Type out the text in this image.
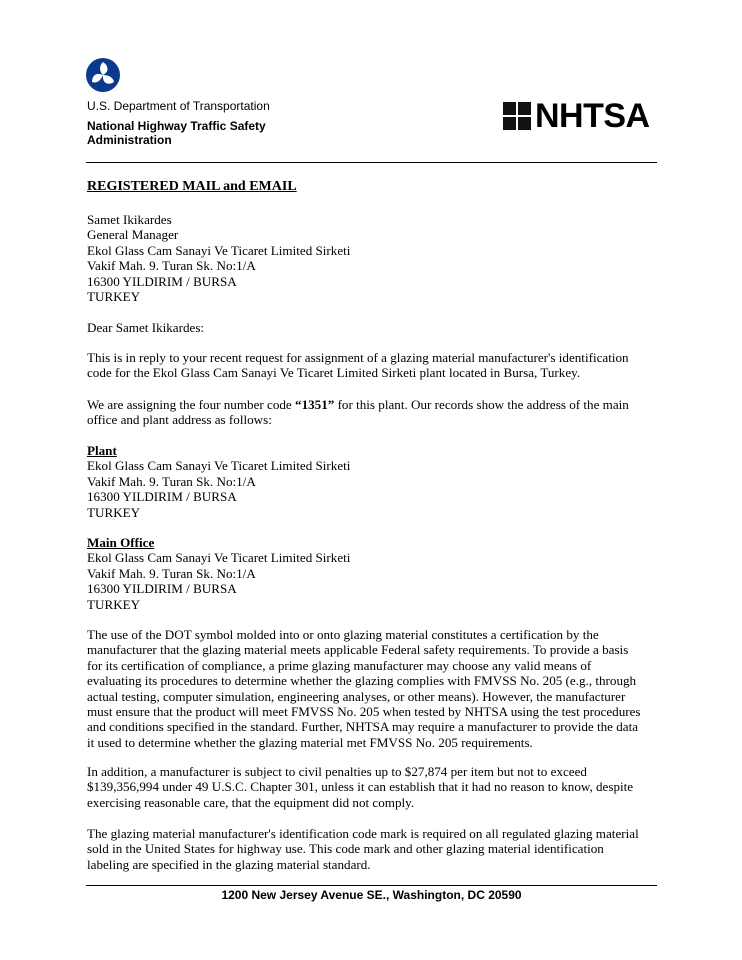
U.S. Department of Transportation
National Highway Traffic Safety
Administration
NHTSA
REGISTERED MAIL and EMAIL
Samet Ikikardes
General Manager
Ekol Glass Cam Sanayi Ve Ticaret Limited Sirketi
Vakif Mah. 9. Turan Sk. No:1/A
16300 YILDIRIM / BURSA
TURKEY
Dear Samet Ikikardes:
This is in reply to your recent request for assignment of a glazing material manufacturer's identification
code for the Ekol Glass Cam Sanayi Ve Ticaret Limited Sirketi plant located in Bursa, Turkey.
We are assigning the four number code “1351” for this plant. Our records show the address of the main
office and plant address as follows:
Plant
Ekol Glass Cam Sanayi Ve Ticaret Limited Sirketi
Vakif Mah. 9. Turan Sk. No:1/A
16300 YILDIRIM / BURSA
TURKEY
Main Office
Ekol Glass Cam Sanayi Ve Ticaret Limited Sirketi
Vakif Mah. 9. Turan Sk. No:1/A
16300 YILDIRIM / BURSA
TURKEY
The use of the DOT symbol molded into or onto glazing material constitutes a certification by the
manufacturer that the glazing material meets applicable Federal safety requirements. To provide a basis
for its certification of compliance, a prime glazing manufacturer may choose any valid means of
evaluating its procedures to determine whether the glazing complies with FMVSS No. 205 (e.g., through
actual testing, computer simulation, engineering analyses, or other means). However, the manufacturer
must ensure that the product will meet FMVSS No. 205 when tested by NHTSA using the test procedures
and conditions specified in the standard. Further, NHTSA may require a manufacturer to provide the data
it used to determine whether the glazing material met FMVSS No. 205 requirements.
In addition, a manufacturer is subject to civil penalties up to $27,874 per item but not to exceed
$139,356,994 under 49 U.S.C. Chapter 301, unless it can establish that it had no reason to know, despite
exercising reasonable care, that the equipment did not comply.
The glazing material manufacturer's identification code mark is required on all regulated glazing material
sold in the United States for highway use. This code mark and other glazing material identification
labeling are specified in the glazing material standard.
1200 New Jersey Avenue SE., Washington, DC 20590
